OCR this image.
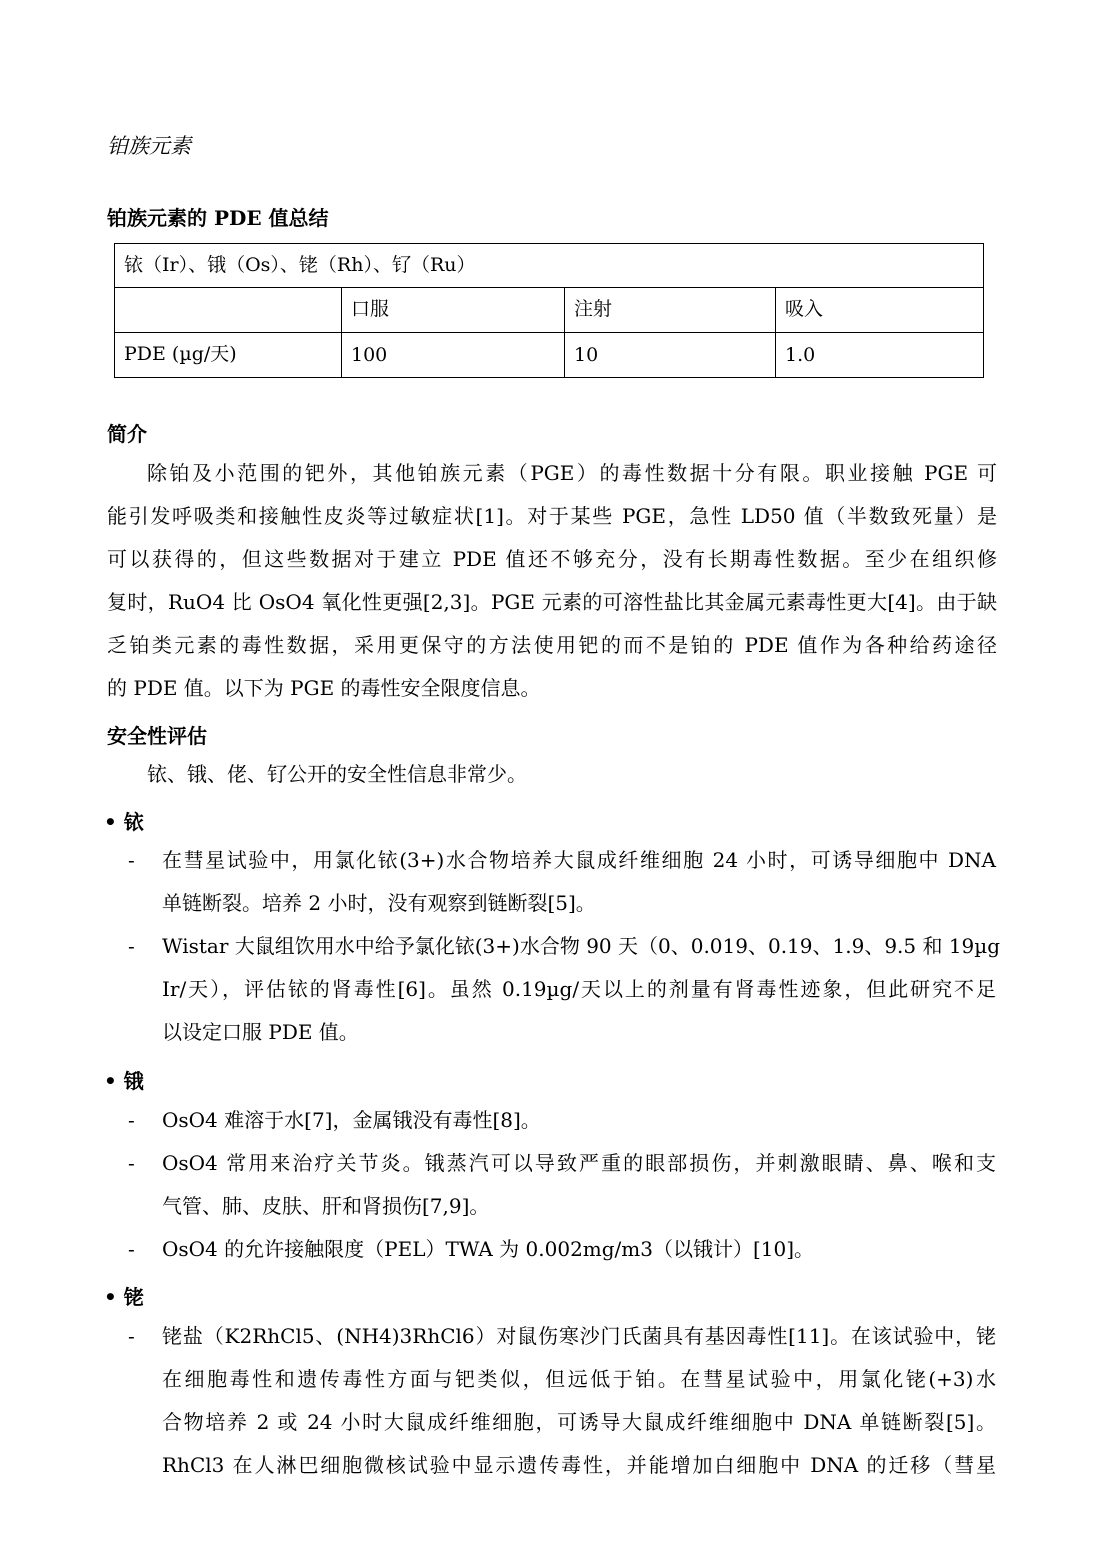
铂族元素
铂族元素的 PDE 值总结
铱（Ir）、锇（Os）、铑（Rh）、钌（Ru）			
	口服	注射	吸入
PDE (µg/天)	100	10	1.0
简介
除铂及小范围的钯外，其他铂族元素（PGE）的毒性数据十分有限。职业接触 PGE 可
能引发呼吸类和接触性皮炎等过敏症状[1]。对于某些 PGE，急性 LD50 值（半数致死量）是
可以获得的，但这些数据对于建立 PDE 值还不够充分，没有长期毒性数据。至少在组织修
复时，RuO4 比 OsO4 氧化性更强[2,3]。PGE 元素的可溶性盐比其金属元素毒性更大[4]。由于缺
乏铂类元素的毒性数据，采用更保守的方法使用钯的而不是铂的 PDE 值作为各种给药途径
的 PDE 值。以下为 PGE 的毒性安全限度信息。
安全性评估
铱、锇、佬、钌公开的安全性信息非常少。
• 铱
- 在彗星试验中，用氯化铱(3+)水合物培养大鼠成纤维细胞 24 小时，可诱导细胞中 DNA
单链断裂。培养 2 小时，没有观察到链断裂[5]。
- Wistar 大鼠组饮用水中给予氯化铱(3+)水合物 90 天（0、0.019、0.19、1.9、9.5 和 19µg
Ir/天），评估铱的肾毒性[6]。虽然 0.19µg/天以上的剂量有肾毒性迹象，但此研究不足
以设定口服 PDE 值。
• 锇
- OsO4 难溶于水[7]，金属锇没有毒性[8]。
- OsO4 常用来治疗关节炎。锇蒸汽可以导致严重的眼部损伤，并刺激眼睛、鼻、喉和支
气管、肺、皮肤、肝和肾损伤[7,9]。
- OsO4 的允许接触限度（PEL）TWA 为 0.002mg/m3（以锇计）[10]。
• 铑
- 铑盐（K2RhCl5、(NH4)3RhCl6）对鼠伤寒沙门氏菌具有基因毒性[11]。在该试验中，铑
在细胞毒性和遗传毒性方面与钯类似，但远低于铂。在彗星试验中，用氯化铑(+3)水
合物培养 2 或 24 小时大鼠成纤维细胞，可诱导大鼠成纤维细胞中 DNA 单链断裂[5]。
RhCl3 在人淋巴细胞微核试验中显示遗传毒性，并能增加白细胞中 DNA 的迁移（彗星
